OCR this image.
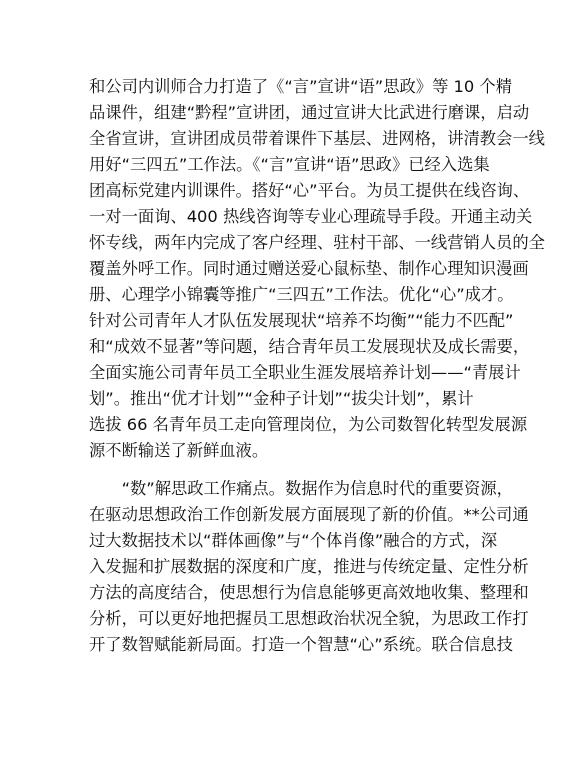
和公司内训师合力打造了《“言”宣讲“语”思政》等 10 个精
品课件，组建“黔程”宣讲团，通过宣讲大比武进行磨课，启动
全省宣讲，宣讲团成员带着课件下基层、进网格，讲清教会一线
用好“三四五”工作法。《“言”宣讲“语”思政》已经入选集
团高标党建内训课件。搭好“心”平台。为员工提供在线咨询、
一对一面询、400 热线咨询等专业心理疏导手段。开通主动关
怀专线，两年内完成了客户经理、驻村干部、一线营销人员的全
覆盖外呼工作。同时通过赠送爱心鼠标垫、制作心理知识漫画
册、心理学小锦囊等推广“三四五”工作法。优化“心”成才。
针对公司青年人才队伍发展现状“培养不均衡”“能力不匹配”
和“成效不显著”等问题，结合青年员工发展现状及成长需要，
全面实施公司青年员工全职业生涯发展培养计划——“青展计
划”。推出“优才计划”“金种子计划”“拔尖计划”，累计
选拔 66 名青年员工走向管理岗位，为公司数智化转型发展源
源不断输送了新鲜血液。

　　“数”解思政工作痛点。数据作为信息时代的重要资源，
在驱动思想政治工作创新发展方面展现了新的价值。**公司通
过大数据技术以“群体画像”与“个体肖像”融合的方式，深
入发掘和扩展数据的深度和广度，推进与传统定量、定性分析
方法的高度结合，使思想行为信息能够更高效地收集、整理和
分析，可以更好地把握员工思想政治状况全貌，为思政工作打
开了数智赋能新局面。打造一个智慧“心”系统。联合信息技
